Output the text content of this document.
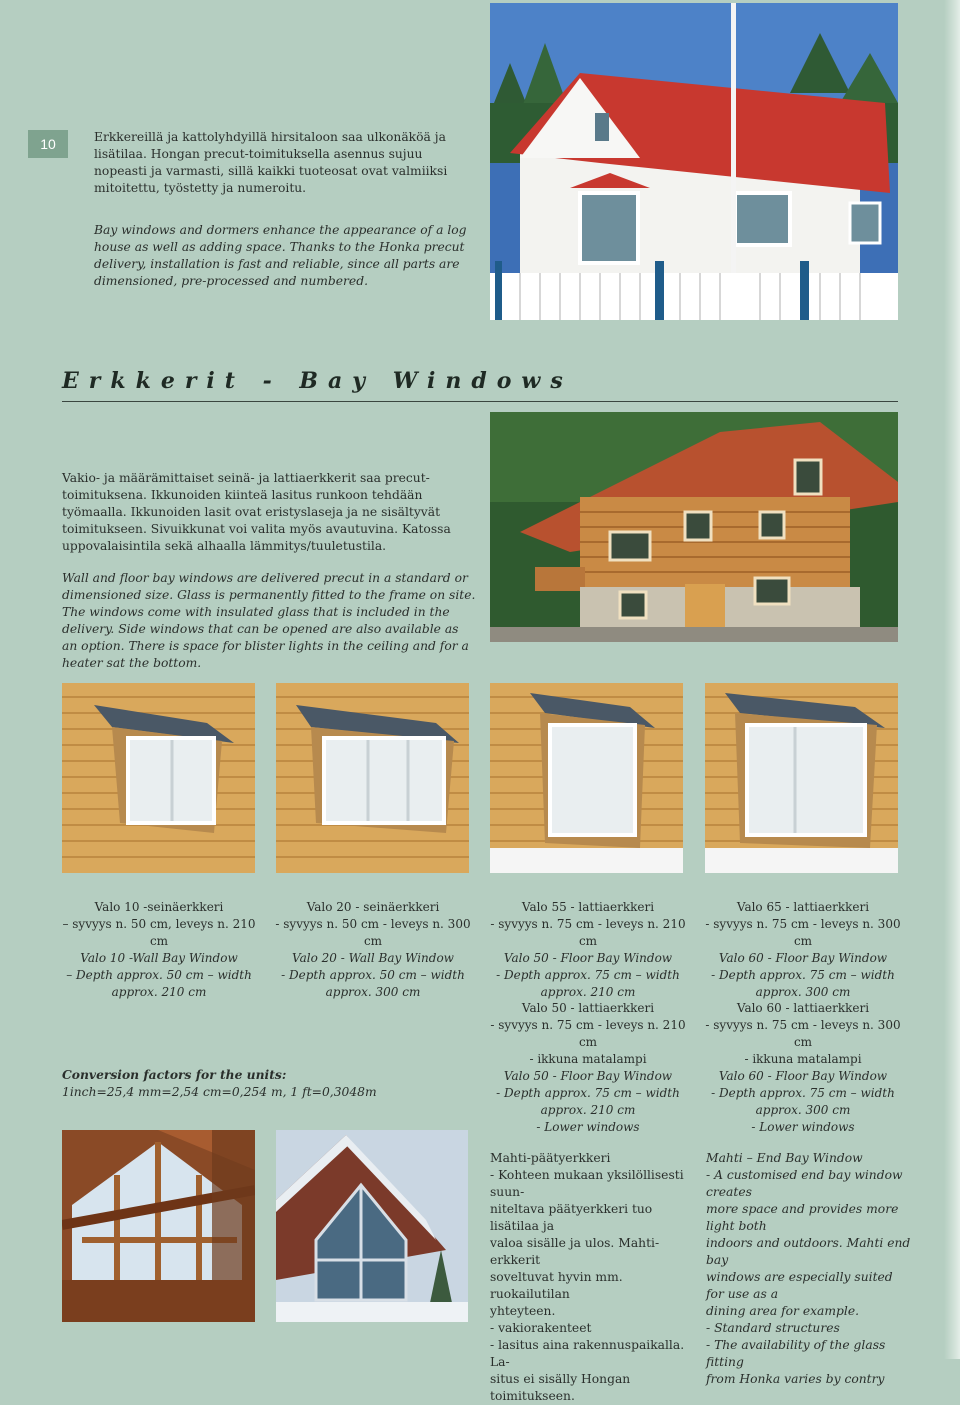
10	Erkkereillä ja kattolyhdyillä hirsitaloon saa ulkonäköä ja lisätilaa. Hongan precut-toimituksella asennus sujuu nopeasti ja varmasti, sillä kaikki tuoteosat ovat valmiiksi mitoitettu, työstetty ja numeroitu.

Bay windows and dormers enhance the appearance of a log house as well as adding space. Thanks to the Honka precut delivery, installation is fast and reliable, since all parts are dimensioned, pre-processed and numbered.

Erkkerit - Bay Windows

Vakio- ja määrämittaiset seinä- ja lattiaerkkerit saa precut-toimituksena. Ikkunoiden kiinteä lasitus runkoon tehdään työmaalla. Ikkunoiden lasit ovat eristyslaseja ja ne sisältyvät toimitukseen. Sivuikkunat voi valita myös avautuvina. Katossa uppovalaisintila sekä alhaalla lämmitys/tuuletustila.

Wall and floor bay windows are delivered precut in a standard or dimensioned size. Glass is permanently fitted to the frame on site. The windows come with insulated glass that is included in the delivery. Side windows that can be opened are also available as an option. There is space for blister lights in the ceiling and for a heater sat the bottom.

Valo 10 -seinäerkkeri

– syvyys n. 50 cm, leveys n. 210 cm

Valo 10 -Wall Bay Window

– Depth approx. 50 cm – width

approx. 210 cm

Valo 20 - seinäerkkeri

- syvyys n. 50 cm - leveys n. 300 cm

Valo 20 - Wall Bay Window

- Depth approx. 50 cm – width

approx. 300 cm

Valo 55 - lattiaerkkeri

- syvyys n. 75 cm - leveys n. 210 cm

Valo 50 - Floor Bay Window

- Depth approx. 75 cm – width

approx. 210 cm

Valo 65 - lattiaerkkeri

- syvyys n. 75 cm - leveys n. 300 cm

Valo 60 - Floor Bay Window

- Depth approx. 75 cm – width

approx. 300 cm

Valo 50 - lattiaerkkeri

- syvyys n. 75 cm - leveys n. 210 cm

- ikkuna matalampi

Valo 50 - Floor Bay Window

- Depth approx. 75 cm – width

approx. 210 cm

- Lower windows

Valo 60 - lattiaerkkeri

- syvyys n. 75 cm - leveys n. 300 cm

- ikkuna matalampi

Valo 60 - Floor Bay Window

- Depth approx. 75 cm – width

approx. 300 cm

- Lower windows

Conversion factors for the units:

1inch=25,4 mm=2,54 cm=0,254 m, 1 ft=0,3048m

Mahti-päätyerkkeri
- Kohteen mukaan yksilöllisesti suun-
niteltava päätyerkkeri tuo lisätilaa ja
valoa sisälle ja ulos. Mahti-erkkerit
soveltuvat hyvin mm. ruokailutilan
yhteyteen.
- vakiorakenteet
- lasitus aina rakennuspaikalla. La-
situs ei sisälly Hongan toimitukseen.
Mahti – End Bay Window
- A customised end bay window creates
more space and provides more light both
indoors and outdoors. Mahti end bay
windows are especially suited for use as a
dining area for example.
- Standard structures
- The availability of the glass fitting
from Honka varies by contry
